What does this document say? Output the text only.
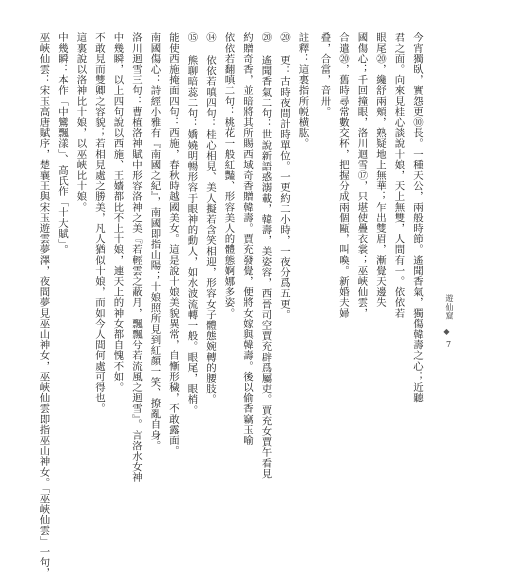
今宵獨臥，實怨更⑩長。一種天公，兩般時節。遙聞香氣，獨傷韓壽之心；近聽
君之面。向來見桂心談說十娘，天上無雙，人間有一。依依若
眼尾⑳，纔舒兩頰，熟疑地上無華；乍出雙眉，漸覺天邊失
國傷心；千回撞眼，洛川迴雪⑰，只堪使疊衣裳；巫峽仙雲，
合遣⑳，舊時尋常數交杯，把握分成兩個甌，叫喚。新婚夫婦
叠，合當，音卅。
註釋：這裏指所帨横肱。
⑳ 更：古時夜間計時單位。一更約二小時，一夜分爲五更。
⑳ 遙聞香氣二句：世說新語惑溺載，韓壽，美姿容，西晉司空賈充辟爲屬吏。賈充女賈午看見
約贈奇香，並暗將其所賜西域奇香贈韓壽。賈充發覺，便將女嫁與韓壽。後以偷香竊玉喻
依依若翻嗔二句：桃花一般紅豔、形容美人的體態婀娜多姿。
⑭ 依依若嗔四句：桂心相見、美人擬若含笑相迎，形容女子體態婉轉的腰肢。
⑮ 熊聊暗蕊二句：嬌嬈明暢形容于眼神的動人，如水波流轉一般。眼尾，眼梢。
能使西施掩面四句：西施，春秋時越國美女。這是說十娘美貌異常，自慚形穢，不敢露面。
南國傷心：詩經小雅有『南國之紀』，南國即指山陽；十娘照所見到紅顏一笑、撩亂自身。
洛川迴雪三句：曹植洛神賦中形容洛神之美『若輕雲之蔽月，飄飄兮若流風之迴雪』。言洛水女神
中幾瞬，以上四句說以西施、王嬙都比不上十娘，連天上的神女都自愧不如。
不敢見而雙卿之容貌；若相見處之勝美，凡人猶似十娘，而如今人間何處可得也。
這裏說以洛神比十娘，以巫峽比十娘。
中幾瞬：本作「中鸞飄漾」、高氏作「十大賦」。
巫峽仙雲：宋玉高唐賦序，楚襄王與宋玉遊雲夢澤，夜間夢見巫山神女，巫峽仙雲即指巫山神女。「巫峽仙雲」一句，	遊仙窟
◆
7
